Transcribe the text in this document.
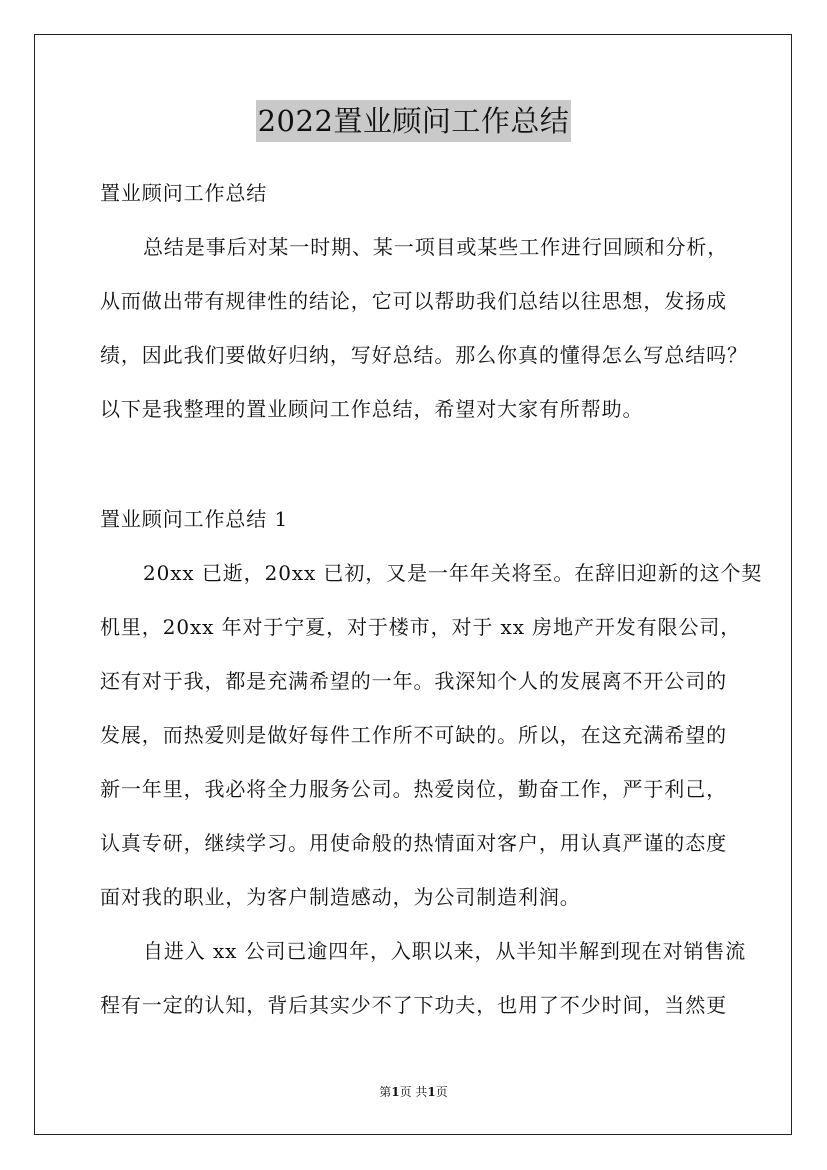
2022置业顾问工作总结
置业顾问工作总结
总结是事后对某一时期、某一项目或某些工作进行回顾和分析，
从而做出带有规律性的结论，它可以帮助我们总结以往思想，发扬成
绩，因此我们要做好归纳，写好总结。那么你真的懂得怎么写总结吗？
以下是我整理的置业顾问工作总结，希望对大家有所帮助。
置业顾问工作总结 1
20xx 已逝，20xx 已初，又是一年年关将至。在辞旧迎新的这个契
机里，20xx 年对于宁夏，对于楼市，对于 xx 房地产开发有限公司，
还有对于我，都是充满希望的一年。我深知个人的发展离不开公司的
发展，而热爱则是做好每件工作所不可缺的。所以，在这充满希望的
新一年里，我必将全力服务公司。热爱岗位，勤奋工作，严于利己，
认真专研，继续学习。用使命般的热情面对客户，用认真严谨的态度
面对我的职业，为客户制造感动，为公司制造利润。
自进入 xx 公司已逾四年，入职以来，从半知半解到现在对销售流
程有一定的认知，背后其实少不了下功夫，也用了不少时间，当然更
第1页 共1页
